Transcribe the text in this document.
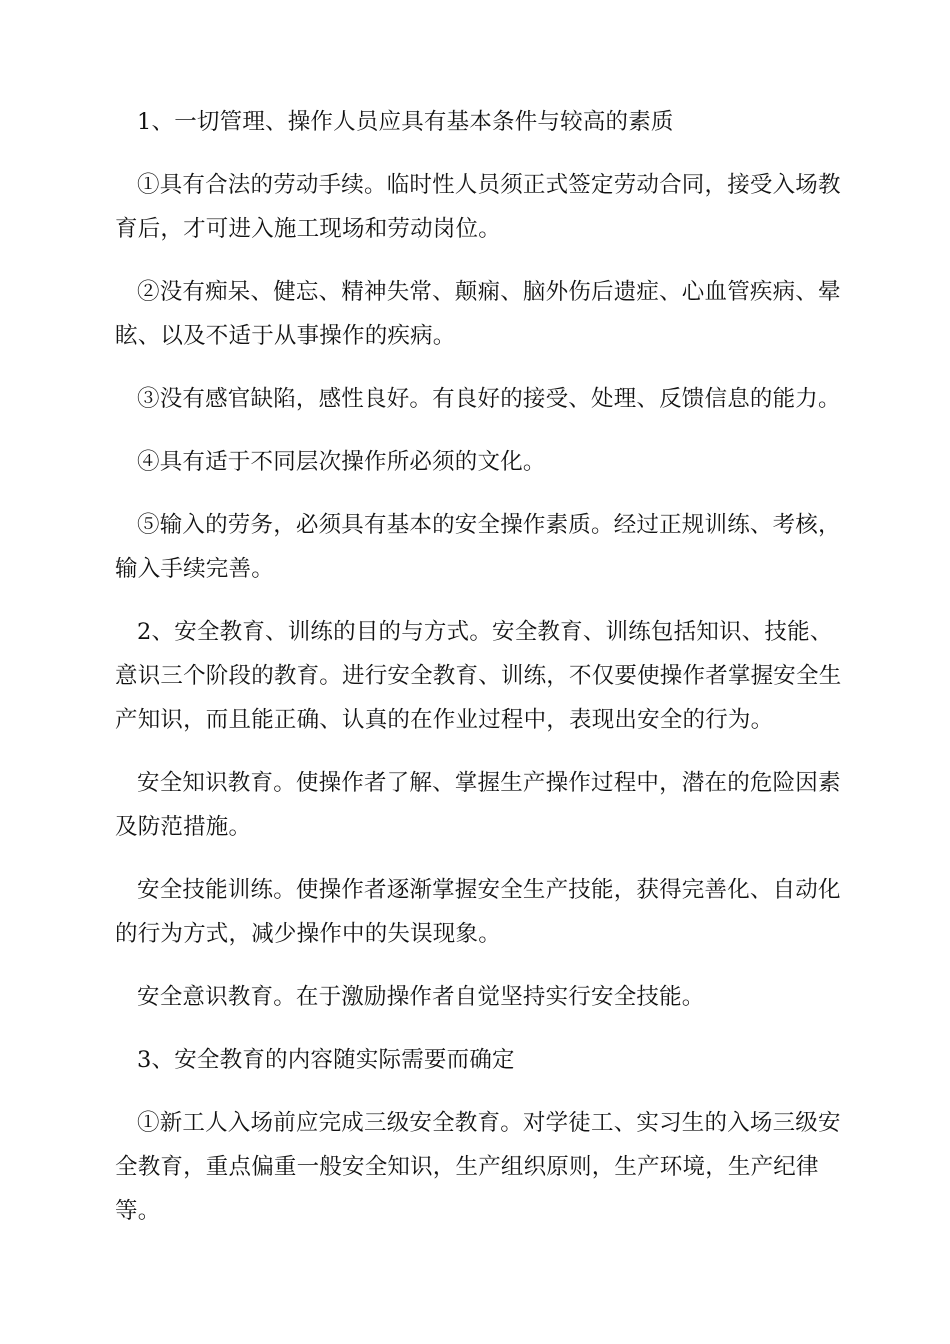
1、一切管理、操作人员应具有基本条件与较高的素质

①具有合法的劳动手续。临时性人员须正式签定劳动合同，接受入场教育后，才可进入施工现场和劳动岗位。

②没有痴呆、健忘、精神失常、颠痫、脑外伤后遗症、心血管疾病、晕眩、以及不适于从事操作的疾病。

③没有感官缺陷，感性良好。有良好的接受、处理、反馈信息的能力。

④具有适于不同层次操作所必须的文化。

⑤输入的劳务，必须具有基本的安全操作素质。经过正规训练、考核，输入手续完善。

2、安全教育、训练的目的与方式。安全教育、训练包括知识、技能、意识三个阶段的教育。进行安全教育、训练，不仅要使操作者掌握安全生产知识，而且能正确、认真的在作业过程中，表现出安全的行为。

安全知识教育。使操作者了解、掌握生产操作过程中，潜在的危险因素及防范措施。

安全技能训练。使操作者逐渐掌握安全生产技能，获得完善化、自动化的行为方式，减少操作中的失误现象。

安全意识教育。在于激励操作者自觉坚持实行安全技能。

3、安全教育的内容随实际需要而确定

①新工人入场前应完成三级安全教育。对学徒工、实习生的入场三级安全教育，重点偏重一般安全知识，生产组织原则，生产环境，生产纪律等。
